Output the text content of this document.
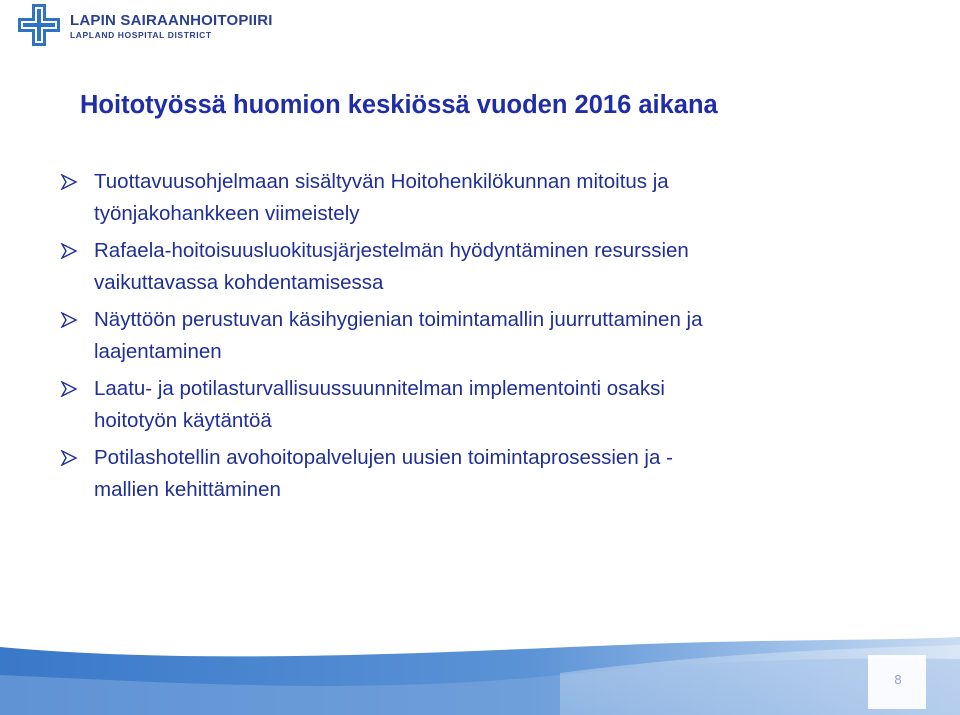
LAPIN SAIRAANHOITOPIIRI
LAPLAND HOSPITAL DISTRICT
Hoitotyössä huomion keskiössä vuoden 2016 aikana
Tuottavuusohjelmaan sisältyvän Hoitohenkilökunnan mitoitus ja
työnjakohankkeen viimeistely
Rafaela-hoitoisuusluokitusjärjestelmän hyödyntäminen resurssien
vaikuttavassa kohdentamisessa
Näyttöön perustuvan käsihygienian toimintamallin juurruttaminen ja
laajentaminen
Laatu- ja potilasturvallisuussuunnitelman implementointi osaksi
hoitotyön käytäntöä
Potilashotellin avohoitopalvelujen uusien toimintaprosessien ja -
mallien kehittäminen
8
